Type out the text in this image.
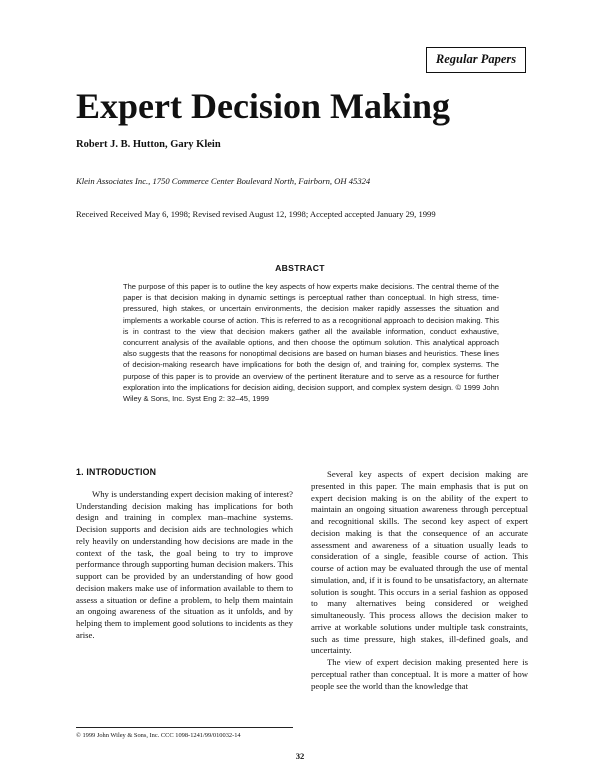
Regular Papers
Expert Decision Making
Robert J. B. Hutton, Gary Klein
Klein Associates Inc., 1750 Commerce Center Boulevard North, Fairborn, OH 45324
Received Received May 6, 1998; Revised revised August 12, 1998; Accepted accepted January 29, 1999
ABSTRACT

The purpose of this paper is to outline the key aspects of how experts make decisions. The central theme of the paper is that decision making in dynamic settings is perceptual rather than conceptual. In high stress, time-pressured, high stakes, or uncertain environments, the decision maker rapidly assesses the situation and implements a workable course of action. This is referred to as a recognitional approach to decision making. This is in contrast to the view that decision makers gather all the available information, conduct exhaustive, concurrent analysis of the available options, and then choose the optimum solution. This analytical approach also suggests that the reasons for nonoptimal decisions are based on human biases and heuristics. These lines of decision-making research have implications for both the design of, and training for, complex systems. The purpose of this paper is to provide an overview of the pertinent literature and to serve as a resource for further exploration into the implications for decision aiding, decision support, and complex system design. © 1999 John Wiley & Sons, Inc. Syst Eng 2: 32–45, 1999

1. INTRODUCTION

Why is understanding expert decision making of interest? Understanding decision making has implications for both design and training in complex man–machine systems. Decision supports and decision aids are technologies which rely heavily on understanding how decisions are made in the context of the task, the goal being to try to improve performance through supporting human decision makers. This support can be provided by an understanding of how good decision makers make use of information available to them to assess a situation or define a problem, to help them maintain an ongoing awareness of the situation as it unfolds, and by helping them to implement good solutions to incidents as they arise.

Several key aspects of expert decision making are presented in this paper. The main emphasis that is put on expert decision making is on the ability of the expert to maintain an ongoing situation awareness through perceptual and recognitional skills. The second key aspect of expert decision making is that the consequence of an accurate assessment and awareness of a situation usually leads to consideration of a single, feasible course of action. This course of action may be evaluated through the use of mental simulation, and, if it is found to be unsatisfactory, an alternate solution is sought. This occurs in a serial fashion as opposed to many alternatives being considered or weighed simultaneously. This process allows the decision maker to arrive at workable solutions under multiple task constraints, such as time pressure, high stakes, ill-defined goals, and uncertainty.

The view of expert decision making presented here is perceptual rather than conceptual. It is more a matter of how people see the world than the knowledge that

© 1999 John Wiley & Sons, Inc. CCC 1098-1241/99/010032-14
32
